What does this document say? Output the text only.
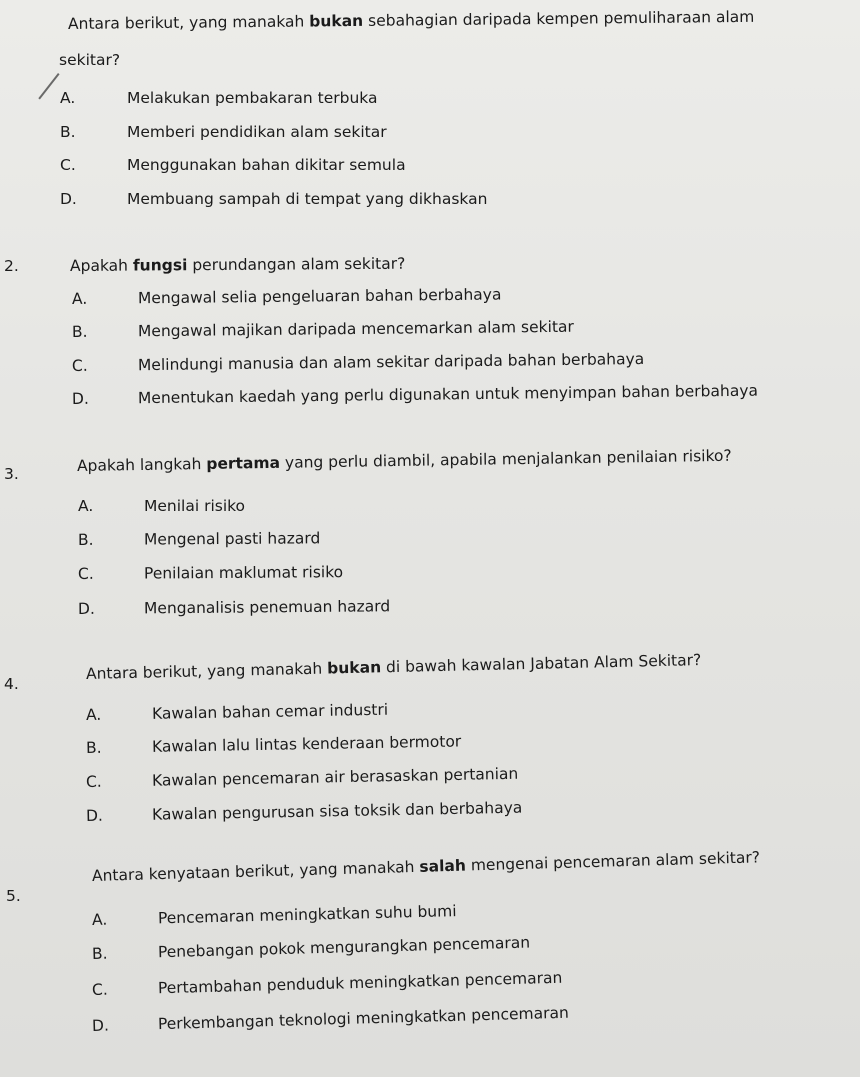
Antara berikut, yang manakah bukan sebahagian daripada kempen pemuliharaan alam
sekitar?
A.	Melakukan pembakaran terbuka
B.	Memberi pendidikan alam sekitar
C.	Menggunakan bahan dikitar semula
D.	Membuang sampah di tempat yang dikhaskan
2.	Apakah fungsi perundangan alam sekitar?
A.	Mengawal selia pengeluaran bahan berbahaya
B.	Mengawal majikan daripada mencemarkan alam sekitar
C.	Melindungi manusia dan alam sekitar daripada bahan berbahaya
D.	Menentukan kaedah yang perlu digunakan untuk menyimpan bahan berbahaya
3.	Apakah langkah pertama yang perlu diambil, apabila menjalankan penilaian risiko?
A.	Menilai risiko
B.	Mengenal pasti hazard
C.	Penilaian maklumat risiko
D.	Menganalisis penemuan hazard
4.
Antara berikut, yang manakah bukan di bawah kawalan Jabatan Alam Sekitar?
A.	Kawalan bahan cemar industri
B.	Kawalan lalu lintas kenderaan bermotor
C.	Kawalan pencemaran air berasaskan pertanian
D.	Kawalan pengurusan sisa toksik dan berbahaya
5.
Antara kenyataan berikut, yang manakah salah mengenai pencemaran alam sekitar?
A.	Pencemaran meningkatkan suhu bumi
B.	Penebangan pokok mengurangkan pencemaran
C.	Pertambahan penduduk meningkatkan pencemaran
D.	Perkembangan teknologi meningkatkan pencemaran
